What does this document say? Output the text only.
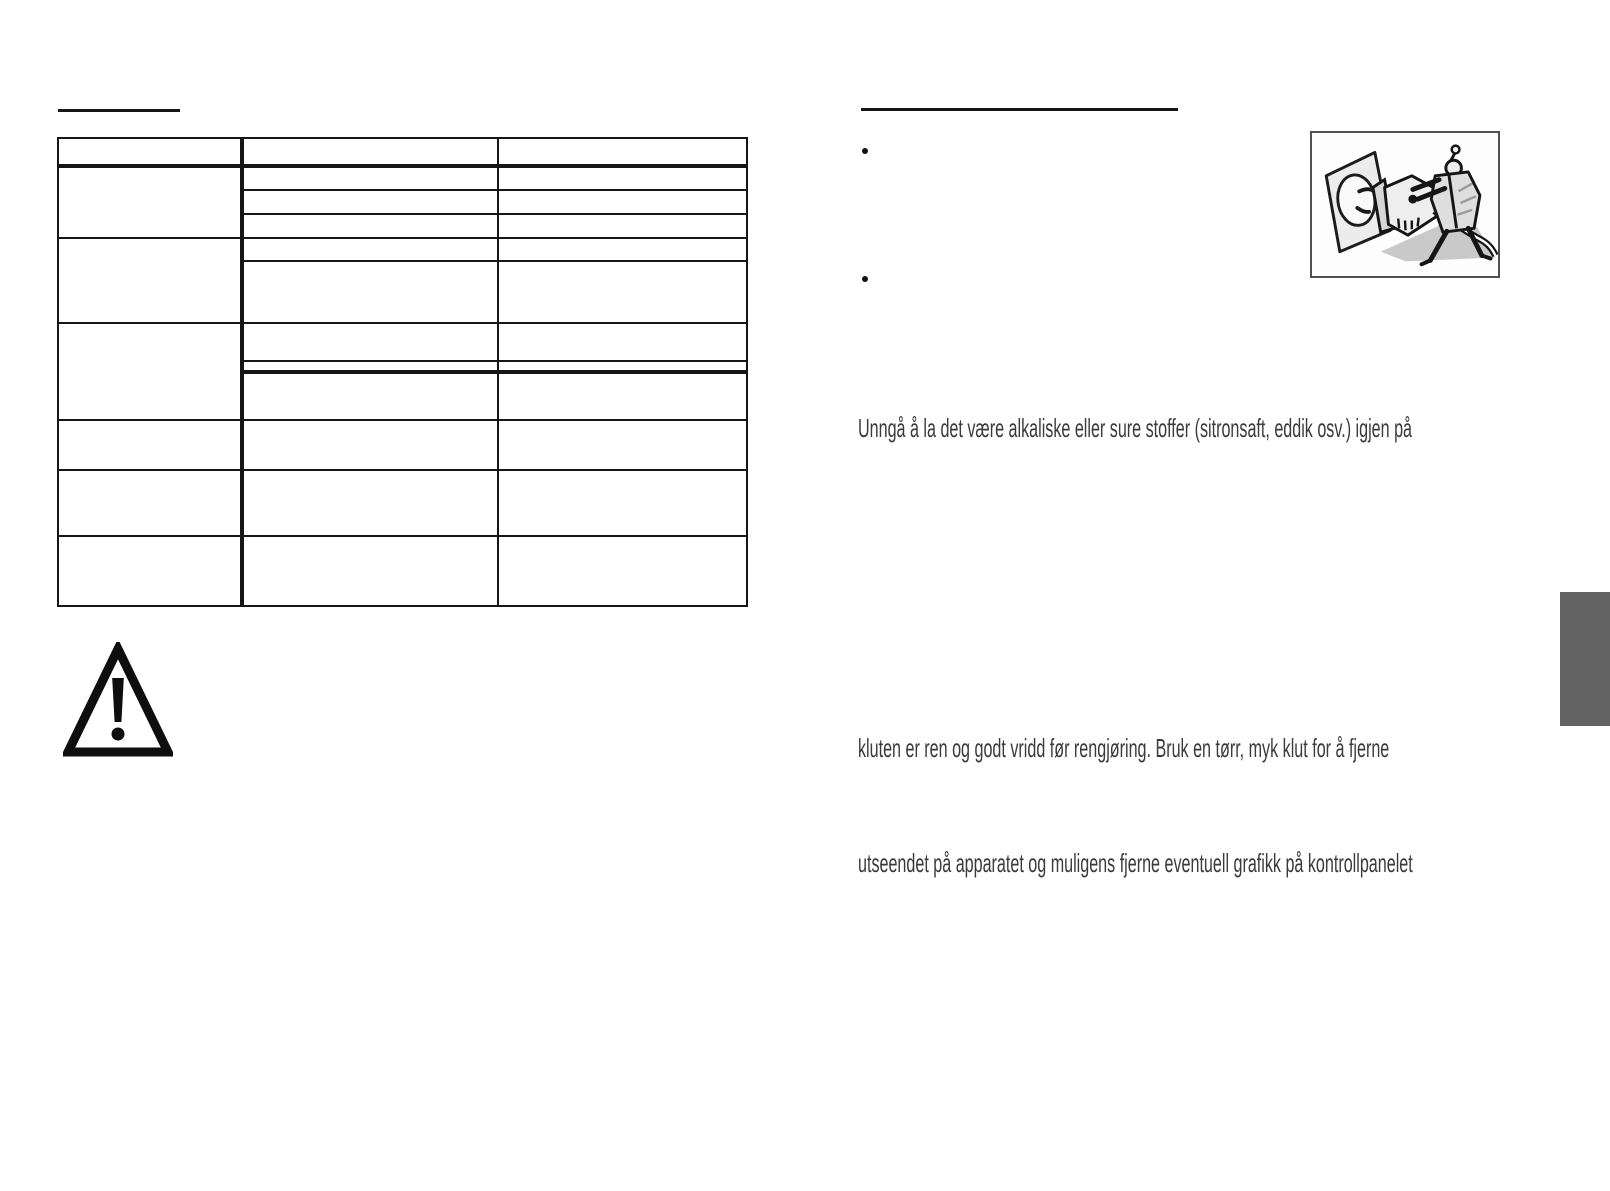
Unngå å la det være alkaliske eller sure stoffer (sitronsaft, eddik osv.) igjen på
kluten er ren og godt vridd før rengjøring. Bruk en tørr, myk klut for å fjerne
utseendet på apparatet og muligens fjerne eventuell grafikk på kontrollpanelet
